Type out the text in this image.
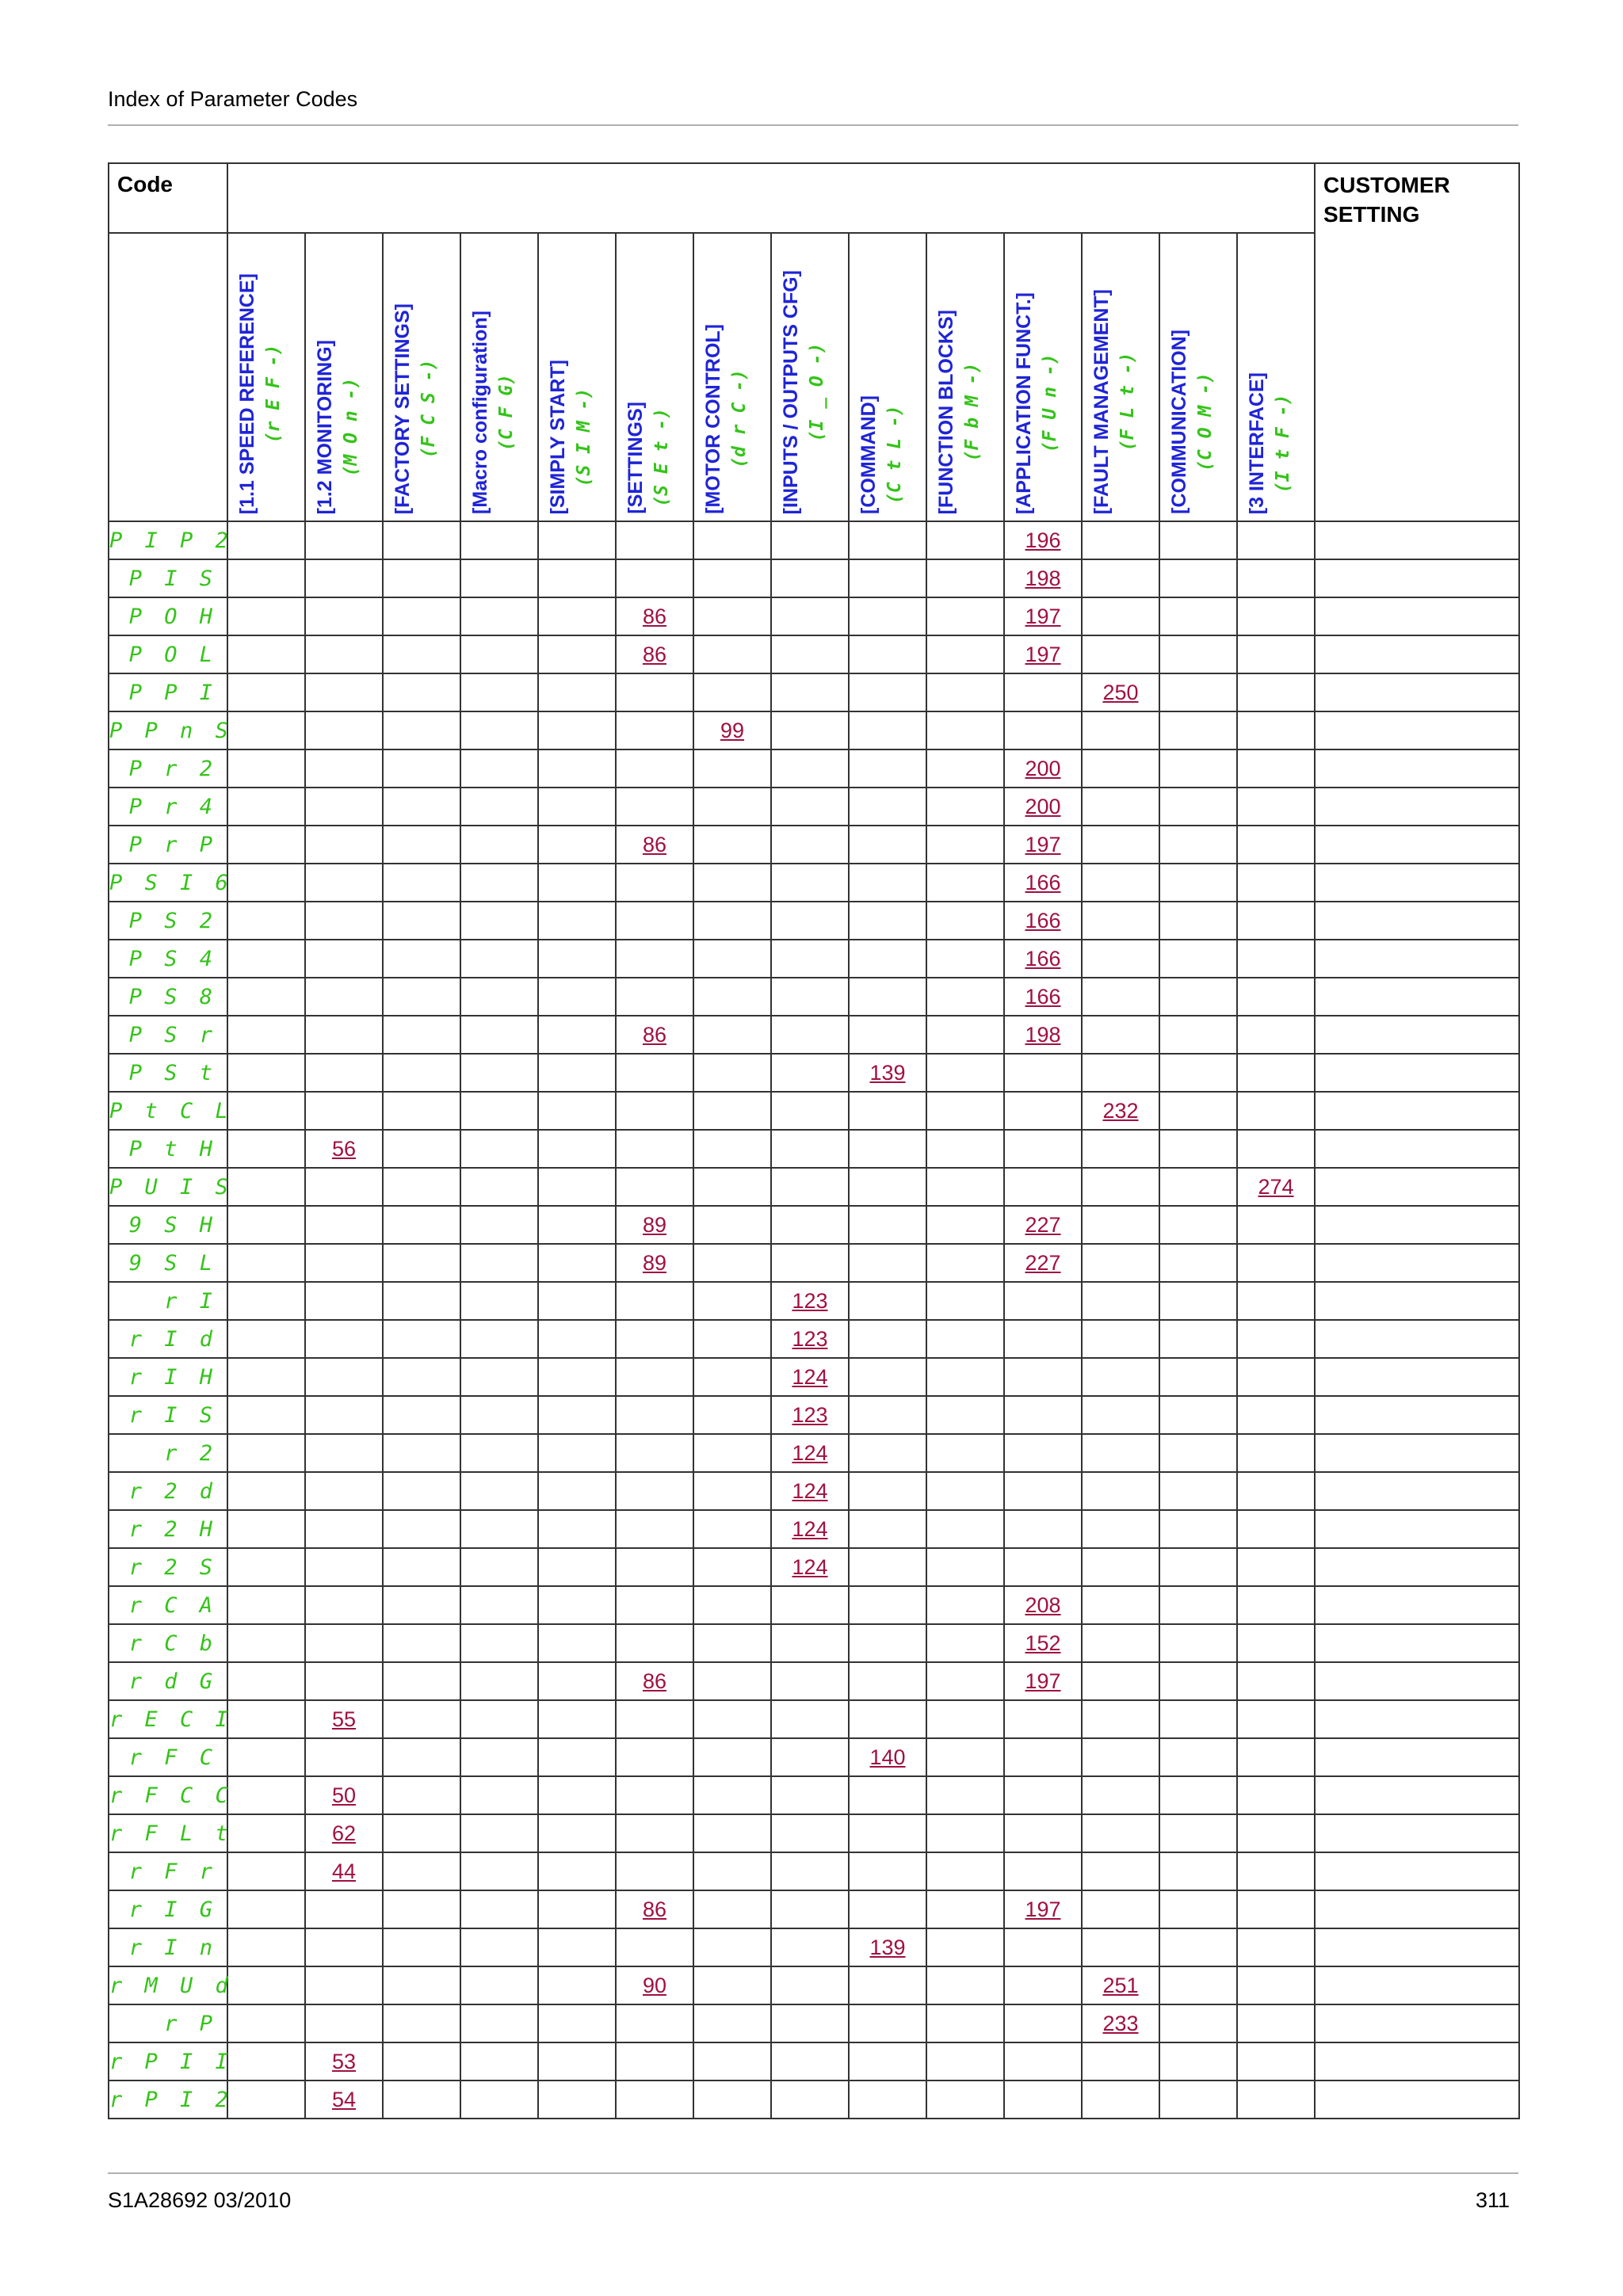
Index of Parameter Codes
Code															CUSTOMER SETTING

	[1.1 SPEED REFERENCE] (r E F -)	[1.2 MONITORING] (M O n -)	[FACTORY SETTINGS] (F C S -)	[Macro configuration] (C F G)	[SIMPLY START] (S I M -)	[SETTINGS] (S E t -)	[MOTOR CONTROL] (d r C -)	[INPUTS / OUTPUTS CFG] (I _ O -)	[COMMAND] (C t L -)	[FUNCTION BLOCKS] (F b M -)	[APPLICATION FUNCT.] (F U n -)	[FAULT MANAGEMENT] (F L t -)	[COMMUNICATION] (C O M -)	[3 INTERFACE] (I t F -)	

P I P 2											196				
P I S											198				
P O H						86					197				
P O L						86					197				
P P I												250			
P P n S							99								
P r 2											200				
P r 4											200				
P r P						86					197				
P S I 6											166				
P S 2											166				
P S 4											166				
P S 8											166				
P S r						86					198				
P S t									139						
P t C L												232			
P t H		56													
P U I S														274	
9 S H						89					227				
9 S L						89					227				
r I								123							
r I d								123							
r I H								124							
r I S								123							
r 2								124							
r 2 d								124							
r 2 H								124							
r 2 S								124							
r C A											208				
r C b											152				
r d G						86					197				
r E C I		55													
r F C									140						
r F C C		50													
r F L t		62													
r F r		44													
r I G						86					197				
r I n									139						
r M U d						90						251			
r P												233			
r P I I		53													
r P I 2		54													
S1A28692 03/2010	311
